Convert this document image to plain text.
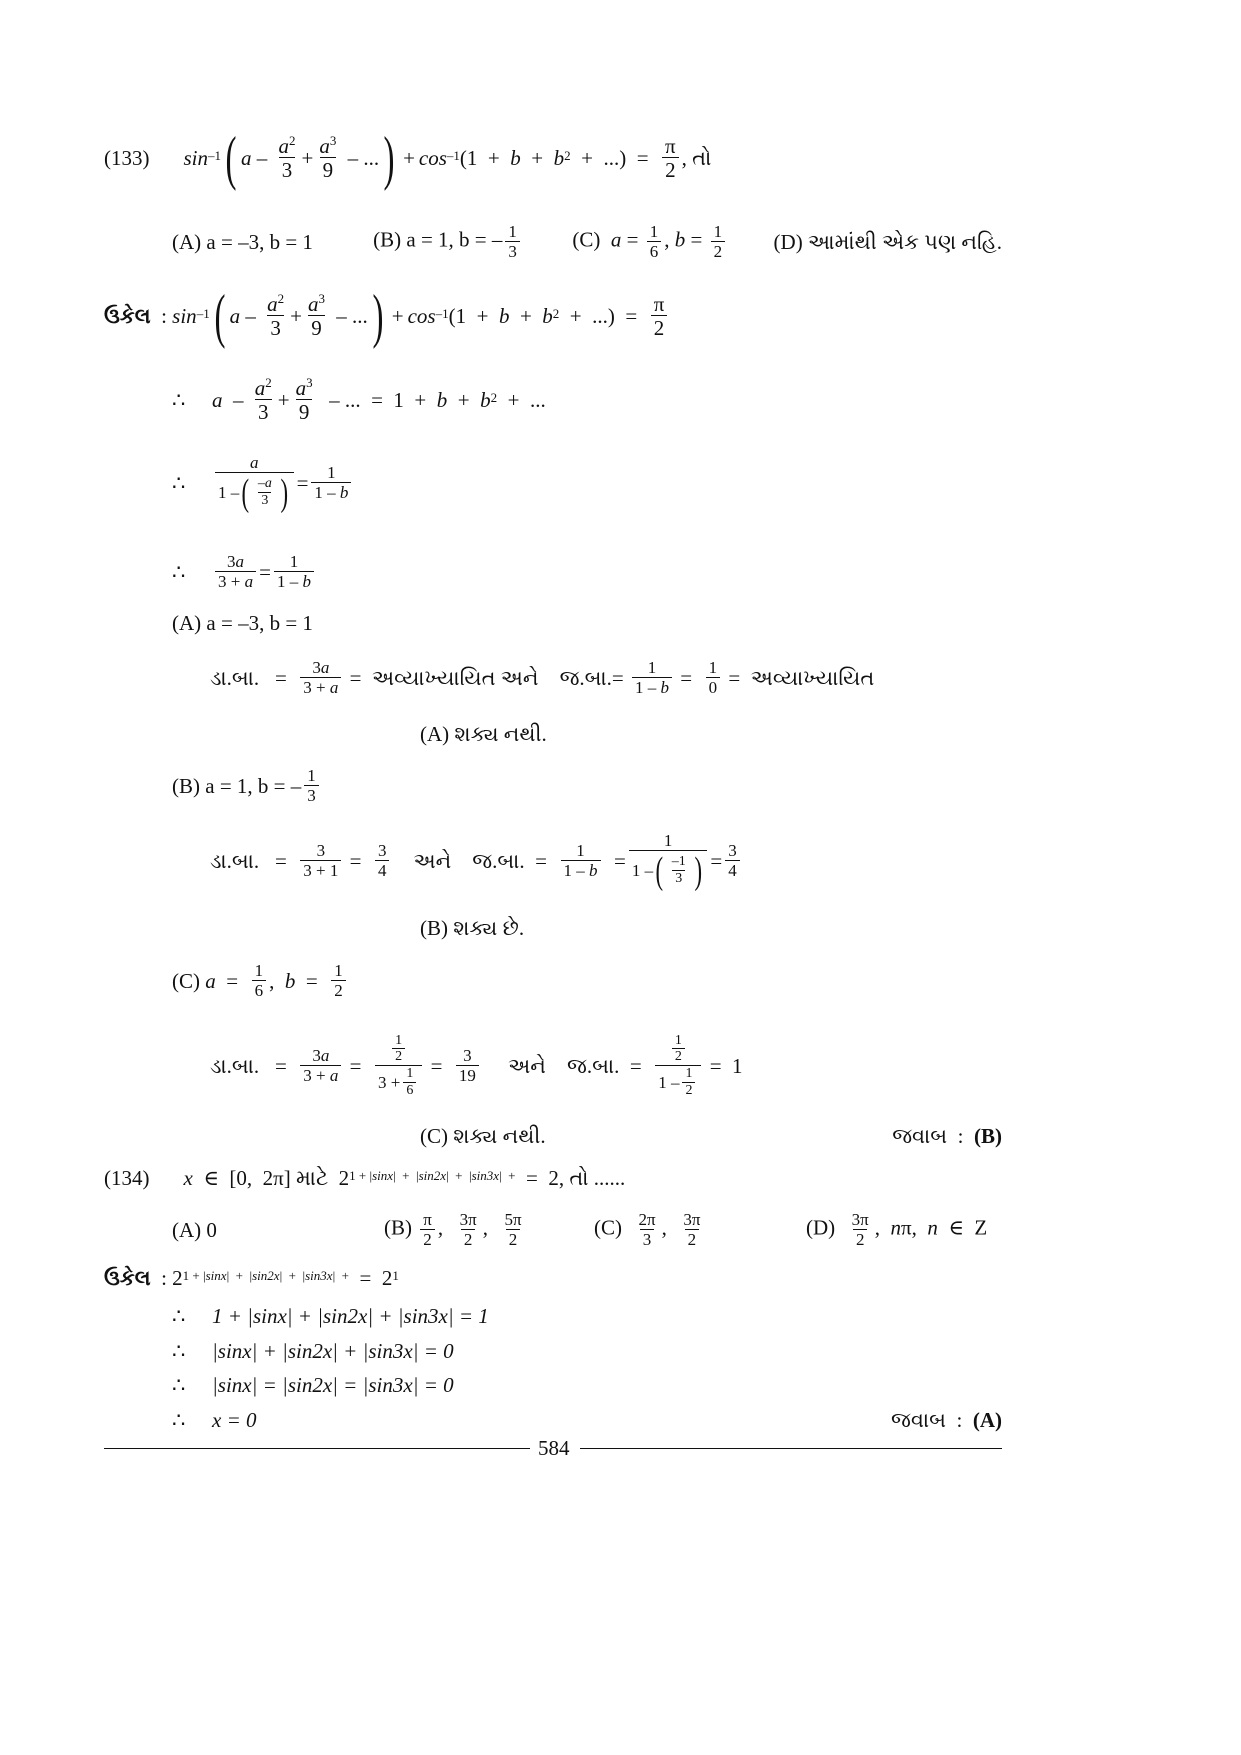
(133) $\sin^{-1}$ ( a – $a^2$
3
+ $a^3$
9
– ... ) + $\cos^{-1} (1 + b + b^2$ +  ...)  = π
2
, તો
(A) a = –3, b = 1	(B) a = 1, b = – $\frac{1}{3} (C) a = \frac{1}{6}$ , $b = \frac{1}{2} (D)$ આમાંથી એક પણ નહિ.
ઉકેલ : $\sin^{-1}$ ( a – $a^2$
3
+ $a^3$
9
– ... ) + $\cos^{-1} (1 + b + b^2$ +  ...)  = π
2
∴	a – $a^2$
3
+ $a^3$
9
– ...  =  $1 + b + b^2$ +  ...
∴
a
1 – ( –a
3 ) = 1
1 – b
∴	3a
3 + a = 1
1 – b
(A) a = –3, b = 1
ડા.બા. = 3a
3 + a = અવ્યાખ્યાયિત
અને
જ.બા.=
$\frac{1}{1 - b} = 1$
0 = અવ્યાખ્યાયિત
(A) શક્ય નથી.
(B) a = 1, b = – 1
3
ડા.બા. = 3
3 + 1 = 3
4
અને
જ.બા. = 1
1 – b =
1
1 – ( –1
3 ) = 3
4
(B) શક્ય છે.
(C)
a = 1
6 , b = 1
2
ડા.બા. = 3a
3 + a =
$\frac{1}{2}$
3 + 1
6
= 3
19
અને
જ.બા. =
$\frac{1}{2}$
1 – 1
2
=  1
(C) શક્ય નથી.	જવાબ  :  (B)
(134) x ∈  [0,  2π] માટે $2^{1 + |sinx| + |sin2x| + |sin3x| +} = 2$, તો ......
(A) 0	$(B) \frac{\pi}{2}$ , $\frac{3\pi}{2}$ , $\frac{5\pi}{2}$	$(C) \frac{2\pi}{3}$ , $\frac{3\pi}{2}$	$(D) \frac{3\pi}{2}$ ,  nπ,  n  ∈  Z
ઉકેલ : $2^{1 + |sinx| + |sin2x| + |sin3x| +} = 2^1$
∴ 1 + |sinx| + |sin2x| + |sin3x| = 1
∴ |sinx| + |sin2x| + |sin3x| = 0
∴ |sinx| = |sin2x| = |sin3x| = 0
∴ x = 0	જવાબ  :  (A)
584
